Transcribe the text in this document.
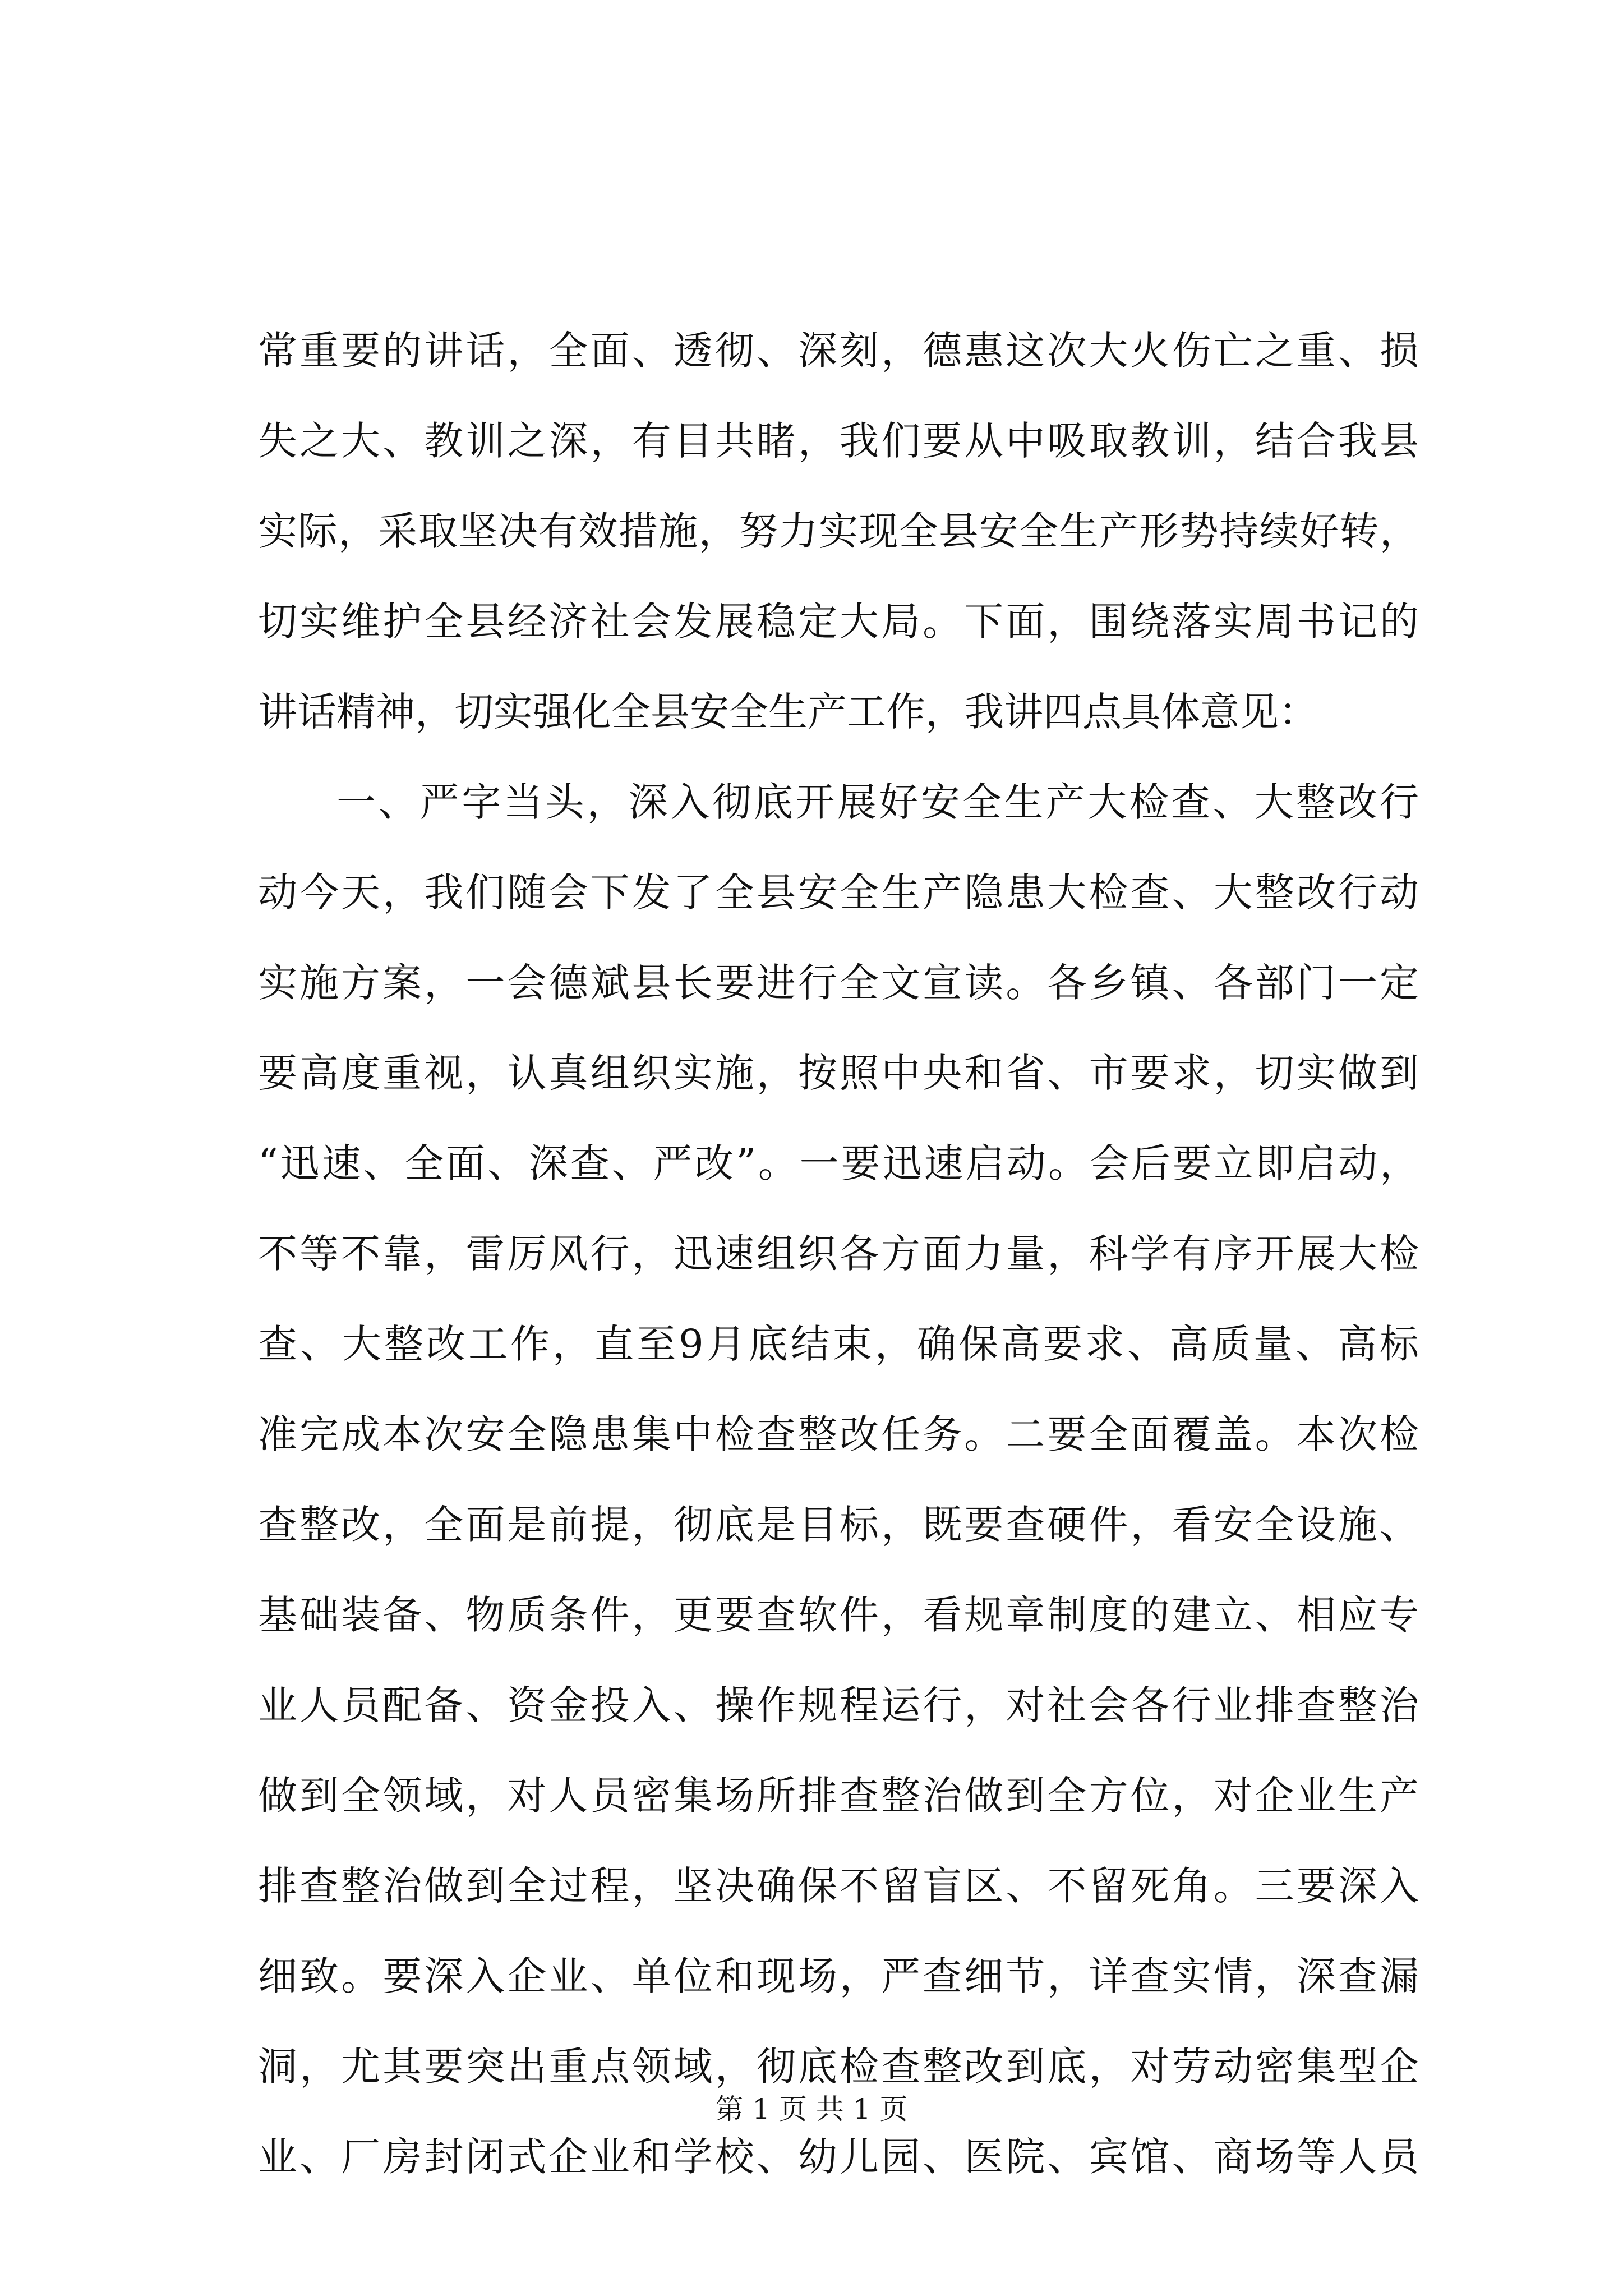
常重要的讲话，全面、透彻、深刻，德惠这次大火伤亡之重、损
失之大、教训之深，有目共睹，我们要从中吸取教训，结合我县
实际，采取坚决有效措施，努力实现全县安全生产形势持续好转，
切实维护全县经济社会发展稳定大局。下面，围绕落实周书记的
讲话精神，切实强化全县安全生产工作，我讲四点具体意见：
一、严字当头，深入彻底开展好安全生产大检查、大整改行
动今天，我们随会下发了全县安全生产隐患大检查、大整改行动
实施方案，一会德斌县长要进行全文宣读。各乡镇、各部门一定
要高度重视，认真组织实施，按照中央和省、市要求，切实做到
“迅速、全面、深查、严改”。一要迅速启动。会后要立即启动，
不等不靠，雷厉风行，迅速组织各方面力量，科学有序开展大检
查、大整改工作，直至9月底结束，确保高要求、高质量、高标
准完成本次安全隐患集中检查整改任务。二要全面覆盖。本次检
查整改，全面是前提，彻底是目标，既要查硬件，看安全设施、
基础装备、物质条件，更要查软件，看规章制度的建立、相应专
业人员配备、资金投入、操作规程运行，对社会各行业排查整治
做到全领域，对人员密集场所排查整治做到全方位，对企业生产
排查整治做到全过程，坚决确保不留盲区、不留死角。三要深入
细致。要深入企业、单位和现场，严查细节，详查实情，深查漏
洞，尤其要突出重点领域，彻底检查整改到底，对劳动密集型企
业、厂房封闭式企业和学校、幼儿园、医院、宾馆、商场等人员
第 1 页 共 1 页
